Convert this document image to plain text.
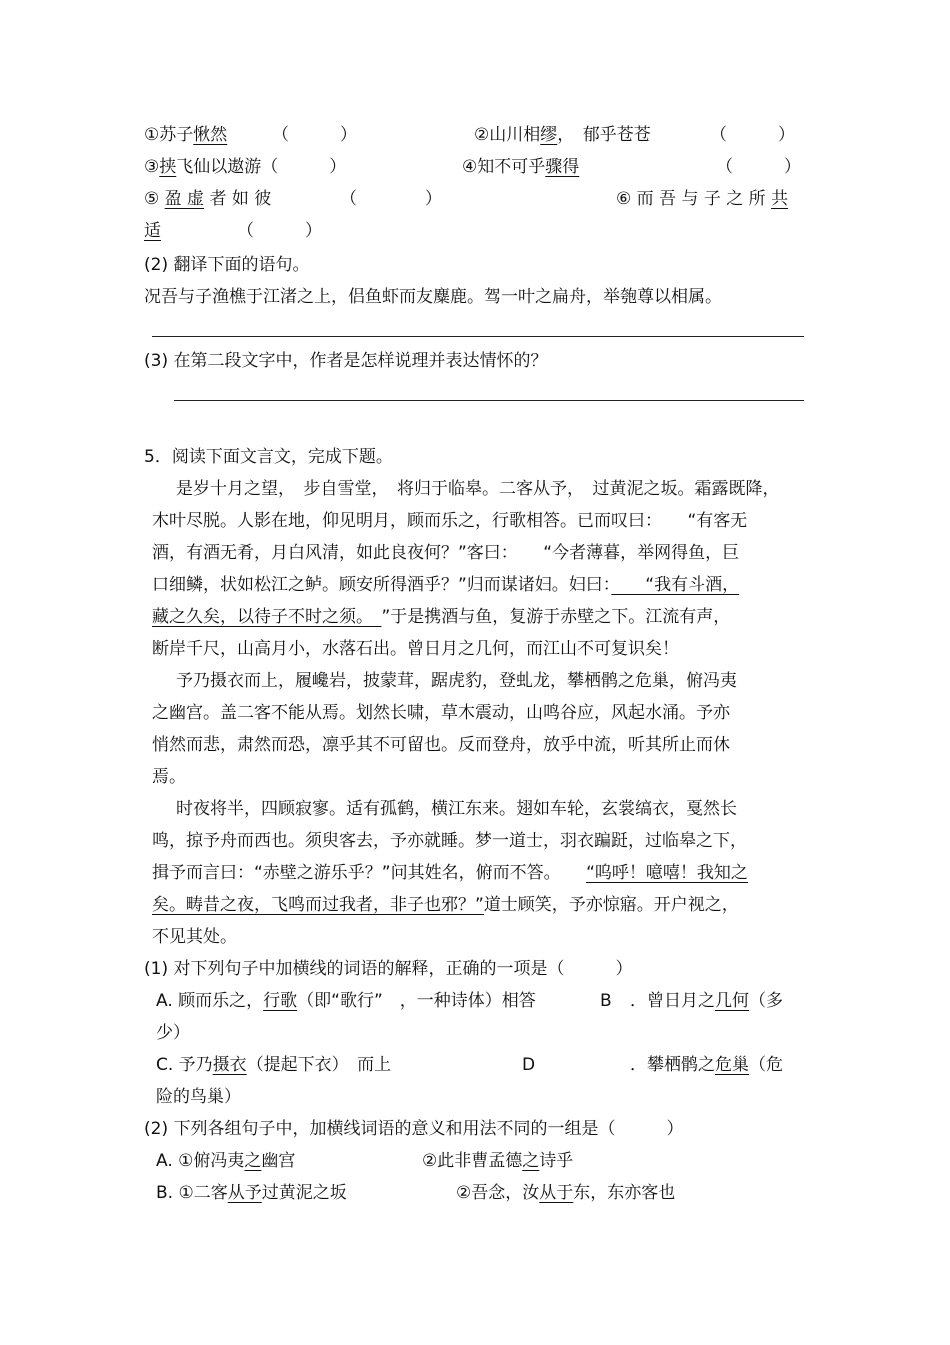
①苏子愀然	（　　　）	②山川相缪，　郁乎苍苍	（　　　）
③挟飞仙以遨游（　　　）	④知不可乎骤得	（　　　）
⑤ 盈 虚 者 如 彼	（　　　　）	⑥ 而 吾 与 子 之 所 共
适	（　　　）
(2) 翻译下面的语句。
况吾与子渔樵于江渚之上，侣鱼虾而友麋鹿。驾一叶之扁舟，举匏尊以相属。
(3) 在第二段文字中，作者是怎样说理并表达情怀的？
5．阅读下面文言文，完成下题。
是岁十月之望，　步自雪堂，　将归于临皋。二客从予，　过黄泥之坂。霜露既降，
木叶尽脱。人影在地，仰见明月，顾而乐之，行歌相答。已而叹曰：　　“有客无
酒，有酒无肴，月白风清，如此良夜何？”客曰：　　“今者薄暮，举网得鱼，巨
口细鳞，状如松江之鲈。顾安所得酒乎？”归而谋诸妇。妇曰：　　“我有斗酒，
藏之久矣，以待子不时之须。　”于是携酒与鱼，复游于赤壁之下。江流有声，
断岸千尺，山高月小，水落石出。曾日月之几何，而江山不可复识矣！
予乃摄衣而上，履巉岩，披蒙茸，踞虎豹，登虬龙，攀栖鹘之危巢，俯冯夷
之幽宫。盖二客不能从焉。划然长啸，草木震动，山鸣谷应，风起水涌。予亦
悄然而悲，肃然而恐，凛乎其不可留也。反而登舟，放乎中流，听其所止而休
焉。
时夜将半，四顾寂寥。适有孤鹤，横江东来。翅如车轮，玄裳缟衣，戛然长
鸣，掠予舟而西也。须臾客去，予亦就睡。梦一道士，羽衣蹁跹，过临皋之下，
揖予而言曰：“赤壁之游乐乎？”问其姓名，俯而不答。　　“呜呼！噫嘻！我知之
矣。畴昔之夜，飞鸣而过我者，非子也邪？”道士顾笑，予亦惊寤。开户视之，
不见其处。
(1) 对下列句子中加横线的词语的解释，正确的一项是（　　　）
A. 顾而乐之，行歌（即“歌行”　，一种诗体）相答	B ．曾日月之几何（多
少）
C. 予乃摄衣（提起下衣）　而上	D	．攀栖鹘之危巢（危
险的鸟巢）
(2) 下列各组句子中，加横线词语的意义和用法不同的一组是（　　　）
A. ①俯冯夷之幽宫	②此非曹孟德之诗乎
B. ①二客从予过黄泥之坂	②吾念，汝从于东，东亦客也
